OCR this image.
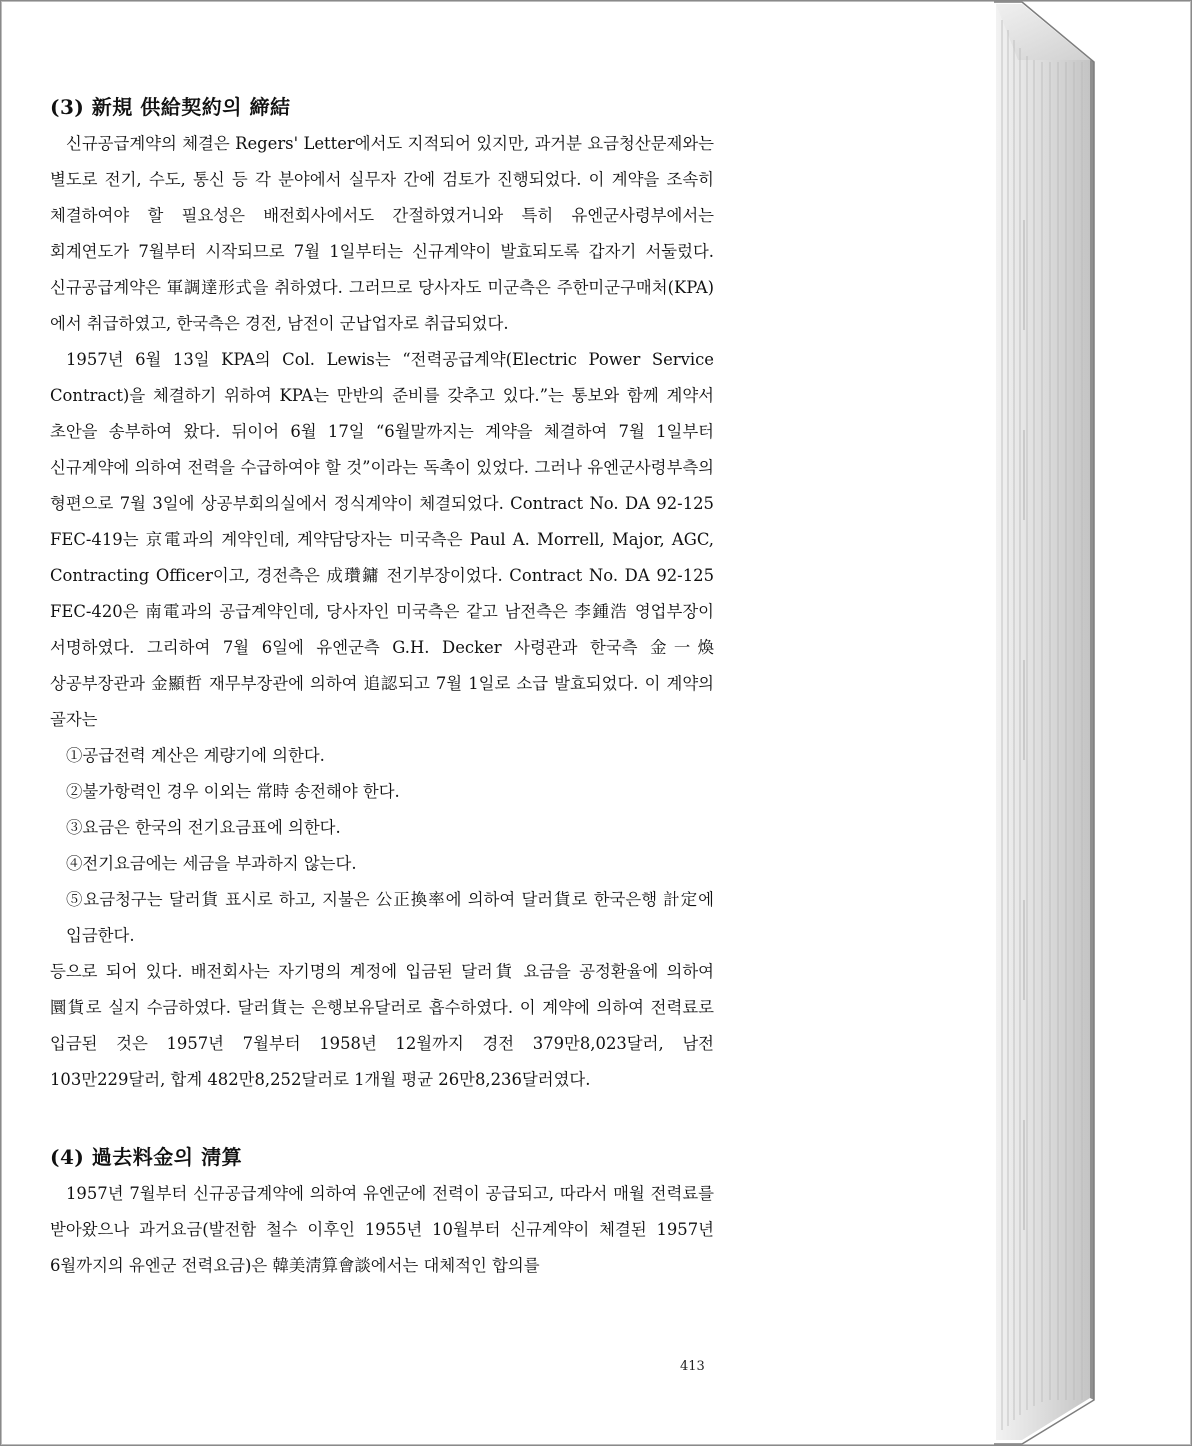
(3) 新規 供給契約의 締結

신규공급계약의 체결은 Regers' Letter에서도 지적되어 있지만, 과거분 요금청산문제와는 별도로 전기, 수도, 통신 등 각 분야에서 실무자 간에 검토가 진행되었다. 이 계약을 조속히 체결하여야 할 필요성은 배전회사에서도 간절하였거니와 특히 유엔군사령부에서는 회계연도가 7월부터 시작되므로 7월 1일부터는 신규계약이 발효되도록 갑자기 서둘렀다. 신규공급계약은 軍調達形式을 취하였다. 그러므로 당사자도 미군측은 주한미군구매처(KPA)에서 취급하였고, 한국측은 경전, 남전이 군납업자로 취급되었다.

1957년 6월 13일 KPA의 Col. Lewis는 “전력공급계약(Electric Power Service Contract)을 체결하기 위하여 KPA는 만반의 준비를 갖추고 있다.”는 통보와 함께 계약서 초안을 송부하여 왔다. 뒤이어 6월 17일 “6월말까지는 계약을 체결하여 7월 1일부터 신규계약에 의하여 전력을 수급하여야 할 것”이라는 독촉이 있었다. 그러나 유엔군사령부측의 형편으로 7월 3일에 상공부회의실에서 정식계약이 체결되었다. Contract No. DA 92-125 FEC-419는 京電과의 계약인데, 계약담당자는 미국측은 Paul A. Morrell, Major, AGC, Contracting Officer이고, 경전측은 成瓚鏞 전기부장이었다. Contract No. DA 92-125 FEC-420은 南電과의 공급계약인데, 당사자인 미국측은 같고 남전측은 李鍾浩 영업부장이 서명하였다. 그리하여 7월 6일에 유엔군측 G.H. Decker 사령관과 한국측 金一煥 상공부장관과 金顯哲 재무부장관에 의하여 追認되고 7월 1일로 소급 발효되었다. 이 계약의 골자는

①공급전력 계산은 계량기에 의한다.

②불가항력인 경우 이외는 常時 송전해야 한다.

③요금은 한국의 전기요금표에 의한다.

④전기요금에는 세금을 부과하지 않는다.

⑤요금청구는 달러貨 표시로 하고, 지불은 公正換率에 의하여 달러貨로 한국은행 計定에 입금한다.

등으로 되어 있다. 배전회사는 자기명의 계정에 입금된 달러貨 요금을 공정환율에 의하여 圜貨로 실지 수금하였다. 달러貨는 은행보유달러로 흡수하였다. 이 계약에 의하여 전력료로 입금된 것은 1957년 7월부터 1958년 12월까지 경전 379만8,023달러, 남전 103만229달러, 합계 482만8,252달러로 1개월 평균 26만8,236달러였다.

(4) 過去料金의 淸算

1957년 7월부터 신규공급계약에 의하여 유엔군에 전력이 공급되고, 따라서 매월 전력료를 받아왔으나 과거요금(발전함 철수 이후인 1955년 10월부터 신규계약이 체결된 1957년 6월까지의 유엔군 전력요금)은 韓美淸算會談에서는 대체적인 합의를

413
